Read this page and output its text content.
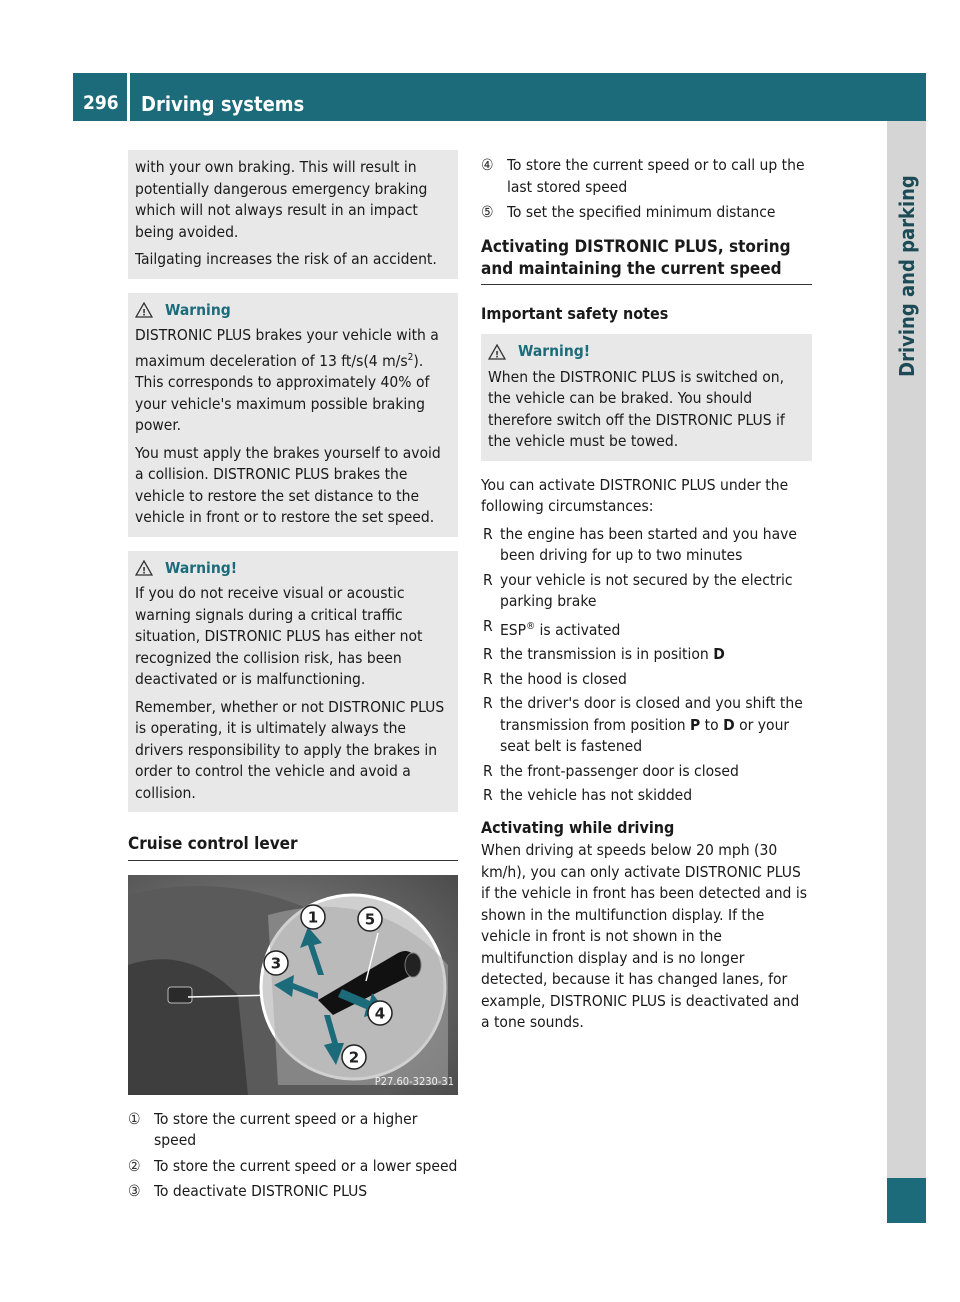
296 Driving systems
Driving and parking

with your own braking. This will result in potentially dangerous emergency braking which will not always result in an impact being avoided.

Tailgating increases the risk of an accident.

! Warning

DISTRONIC PLUS brakes your vehicle with a maximum deceleration of 13 ft/s(4 $m/s^2$). This corresponds to approximately 40% of your vehicle's maximum possible braking power.

You must apply the brakes yourself to avoid a collision. DISTRONIC PLUS brakes the vehicle to restore the set distance to the vehicle in front or to restore the set speed.

! Warning!

If you do not receive visual or acoustic warning signals during a critical traffic situation, DISTRONIC PLUS has either not recognized the collision risk, has been deactivated or is malfunctioning.

Remember, whether or not DISTRONIC PLUS is operating, it is ultimately always the drivers responsibility to apply the brakes in order to control the vehicle and avoid a collision.

Cruise control lever
1
2
3
4
5
P27.60-3230-31
① To store the current speed or a higher speed
② To store the current speed or a lower speed
③ To deactivate DISTRONIC PLUS
④ To store the current speed or to call up the last stored speed
⑤ To set the specified minimum distance
Activating DISTRONIC PLUS, storing and maintaining the current speed
Important safety notes
! Warning!

When the DISTRONIC PLUS is switched on, the vehicle can be braked. You should therefore switch off the DISTRONIC PLUS if the vehicle must be towed.

You can activate DISTRONIC PLUS under the following circumstances:

R the engine has been started and you have been driving for up to two minutes
R your vehicle is not secured by the electric parking brake
R ESP® is activated
R the transmission is in position D
R the hood is closed
R the driver's door is closed and you shift the transmission from position P to D or your seat belt is fastened
R the front-passenger door is closed
R the vehicle has not skidded
Activating while driving

When driving at speeds below 20 mph (30 km/h), you can only activate DISTRONIC PLUS if the vehicle in front has been detected and is shown in the multifunction display. If the vehicle in front is not shown in the multifunction display and is no longer detected, because it has changed lanes, for example, DISTRONIC PLUS is deactivated and a tone sounds.
